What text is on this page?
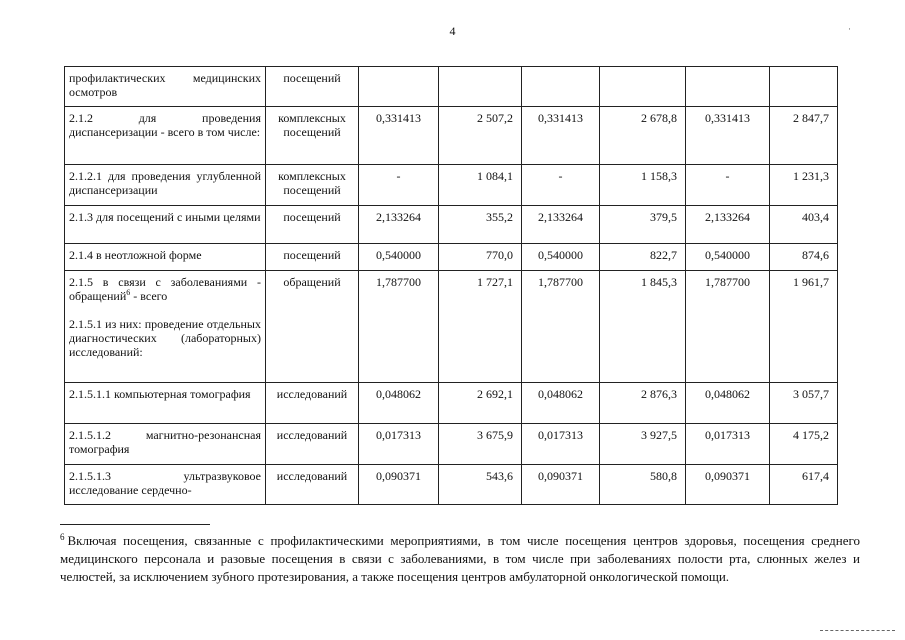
4	·
профилактических медицинских осмотров	посещений						
2.1.2 для проведения диспансеризации - всего в том числе:	комплексных посещений	0,331413	2 507,2	0,331413	2 678,8	0,331413	2 847,7
2.1.2.1 для проведения углубленной диспансеризации	комплексных посещений	-	1 084,1	-	1 158,3	-	1 231,3
2.1.3 для посещений с иными целями	посещений	2,133264	355,2	2,133264	379,5	2,133264	403,4
2.1.4 в неотложной форме	посещений	0,540000	770,0	0,540000	822,7	0,540000	874,6
2.1.5 в связи с заболеваниями - обращений$^6$ - всего	обращений	1,787700	1 727,1	1,787700	1 845,3	1,787700	1 961,7
2.1.5.1 из них: проведение отдельных диагностических (лабораторных) исследований:							
2.1.5.1.1 компьютерная томография	исследований	0,048062	2 692,1	0,048062	2 876,3	0,048062	3 057,7
2.1.5.1.2 магнитно-резонансная томография	исследований	0,017313	3 675,9	0,017313	3 927,5	0,017313	4 175,2
2.1.5.1.3 ультразвуковое исследование сердечно-	исследований	0,090371	543,6	0,090371	580,8	0,090371	617,4
$^6$ Включая посещения, связанные с профилактическими мероприятиями, в том числе посещения центров здоровья, посещения среднего медицинского персонала и разовые посещения в связи с заболеваниями, в том числе при заболеваниях полости рта, слюнных желез и челюстей, за исключением зубного протезирования, а также посещения центров амбулаторной онкологической помощи.
